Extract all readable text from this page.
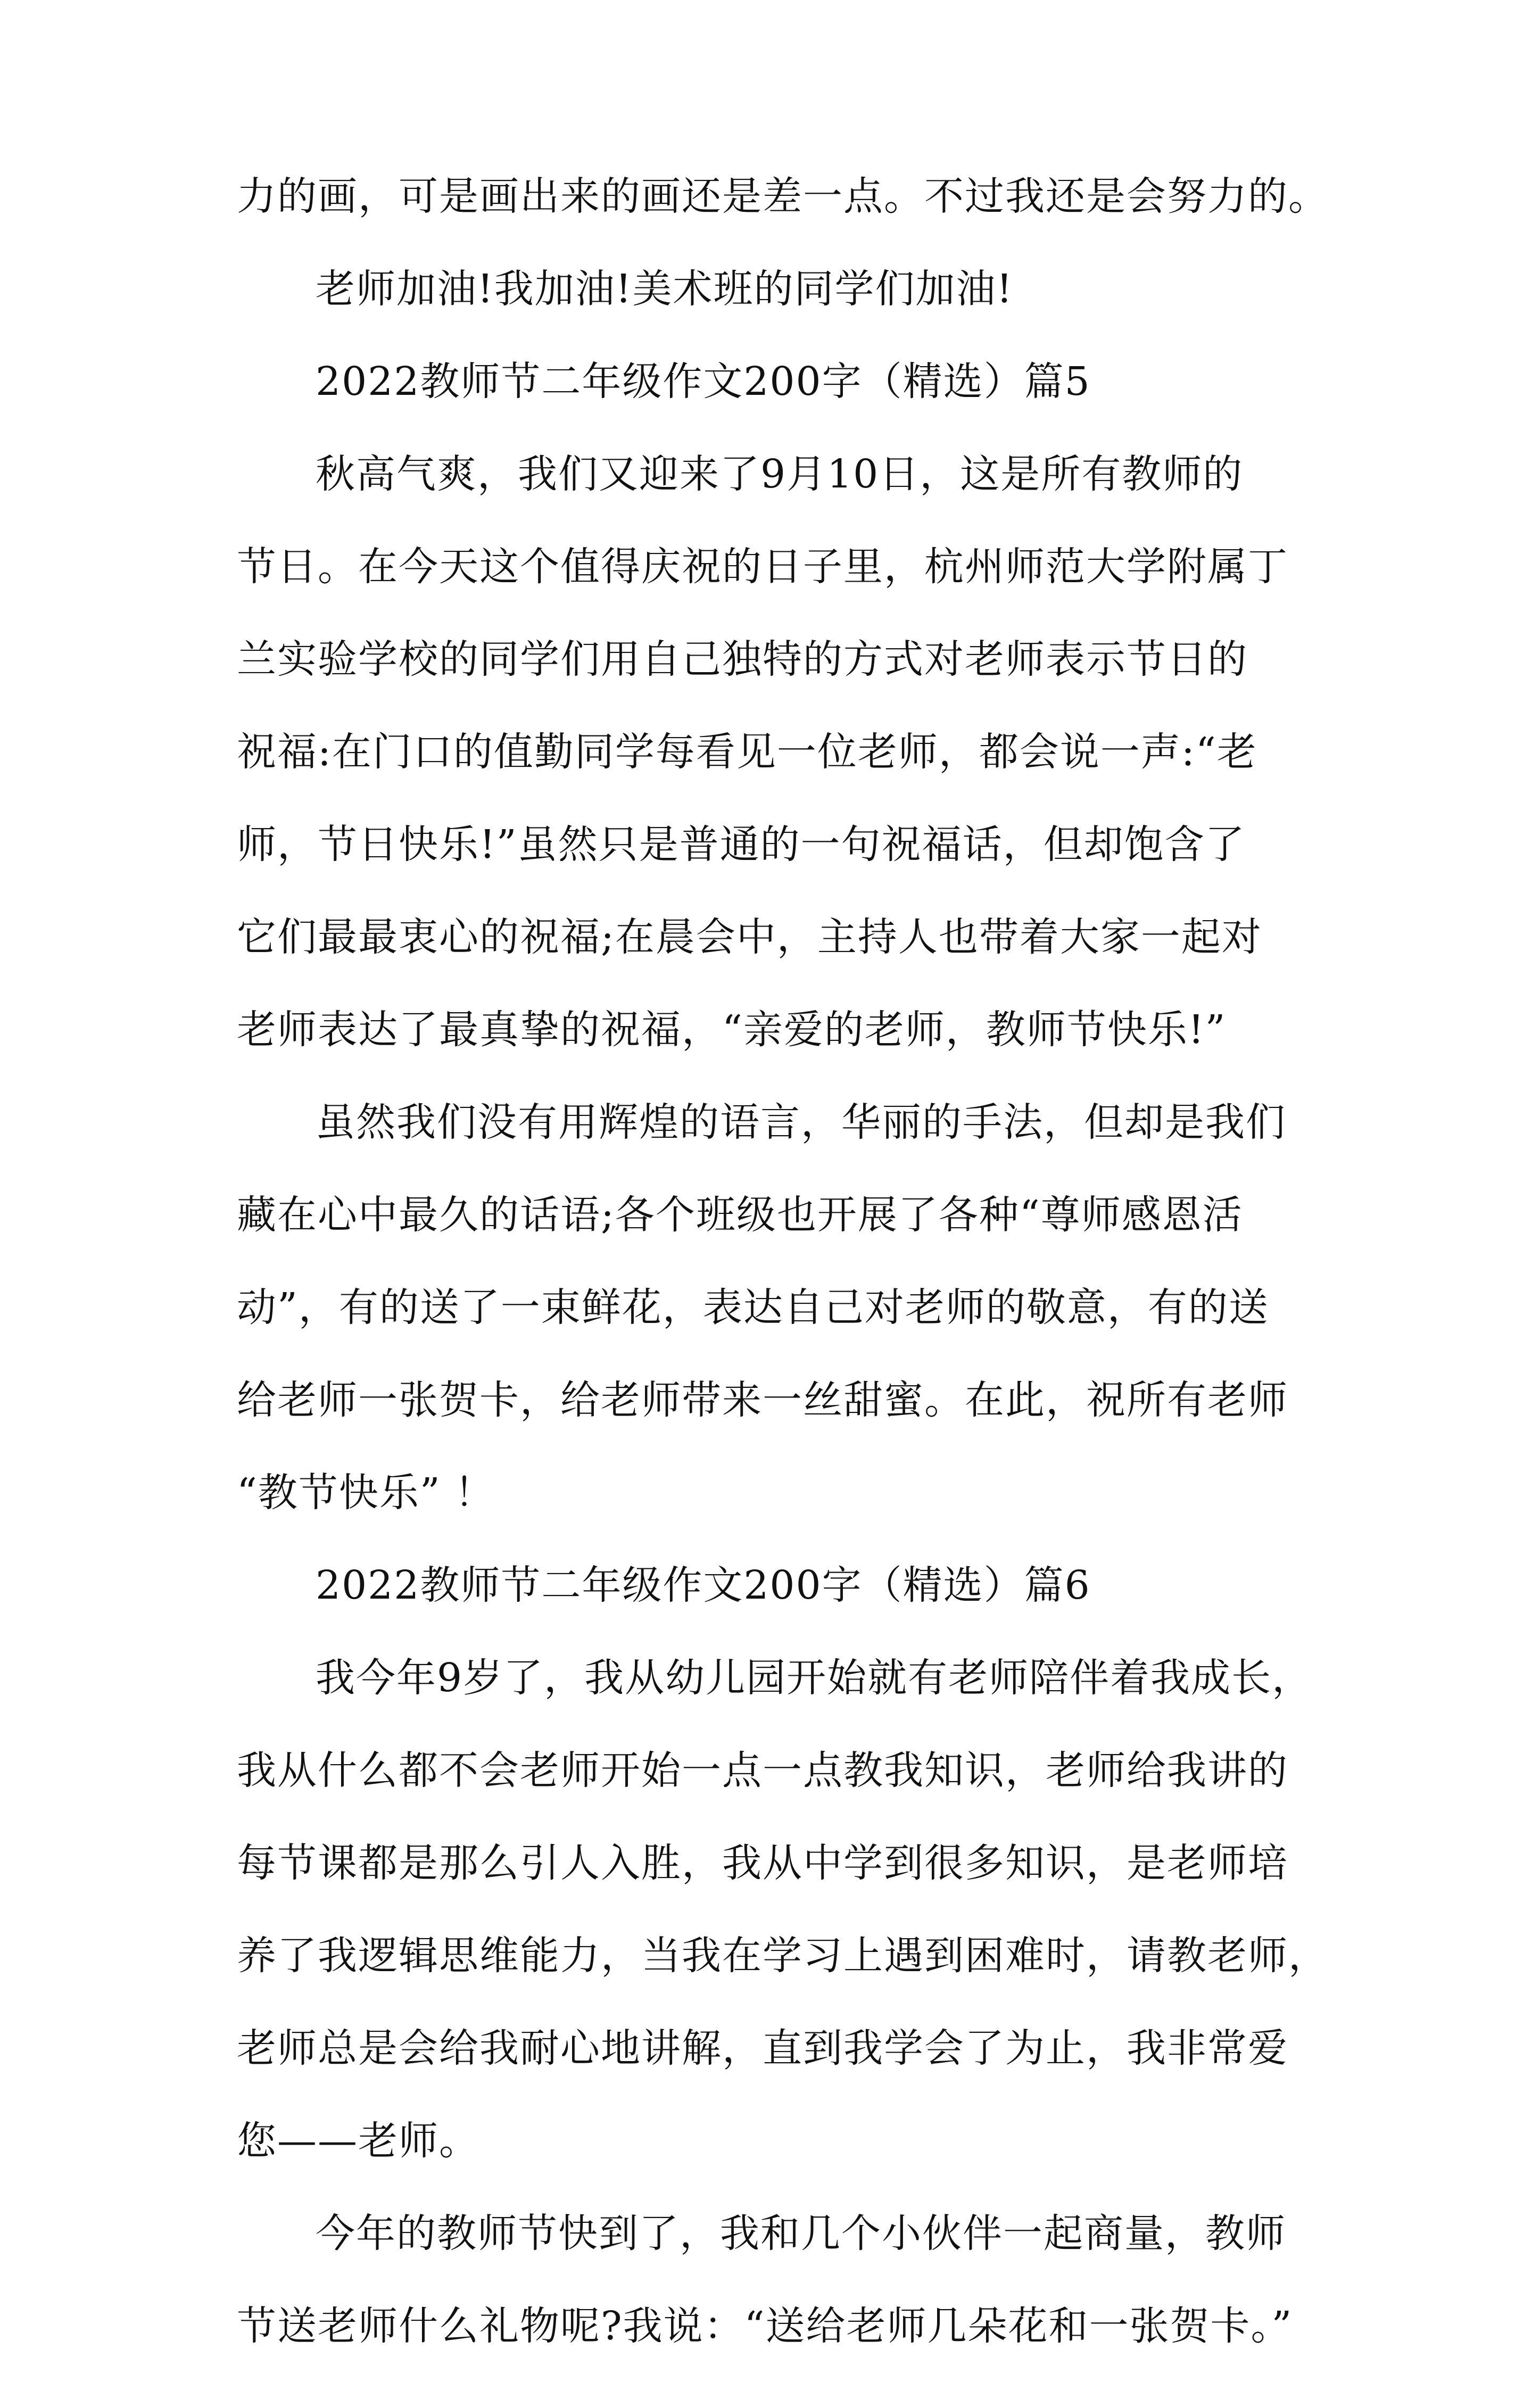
力的画，可是画出来的画还是差一点。不过我还是会努力的。
老师加油!我加油!美术班的同学们加油!
2022教师节二年级作文200字（精选）篇5
秋高气爽，我们又迎来了9月10日，这是所有教师的
节日。在今天这个值得庆祝的日子里，杭州师范大学附属丁
兰实验学校的同学们用自己独特的方式对老师表示节日的
祝福:在门口的值勤同学每看见一位老师，都会说一声:“老
师，节日快乐!”虽然只是普通的一句祝福话，但却饱含了
它们最最衷心的祝福;在晨会中，主持人也带着大家一起对
老师表达了最真挚的祝福，“亲爱的老师，教师节快乐!”
虽然我们没有用辉煌的语言，华丽的手法，但却是我们
藏在心中最久的话语;各个班级也开展了各种“尊师感恩活
动”，有的送了一束鲜花，表达自己对老师的敬意，有的送
给老师一张贺卡，给老师带来一丝甜蜜。在此，祝所有老师
“教节快乐” ！
2022教师节二年级作文200字（精选）篇6
我今年9岁了，我从幼儿园开始就有老师陪伴着我成长，
我从什么都不会老师开始一点一点教我知识，老师给我讲的
每节课都是那么引人入胜，我从中学到很多知识，是老师培
养了我逻辑思维能力，当我在学习上遇到困难时，请教老师，
老师总是会给我耐心地讲解，直到我学会了为止，我非常爱
您——老师。
今年的教师节快到了，我和几个小伙伴一起商量，教师
节送老师什么礼物呢?我说：“送给老师几朵花和一张贺卡。”
